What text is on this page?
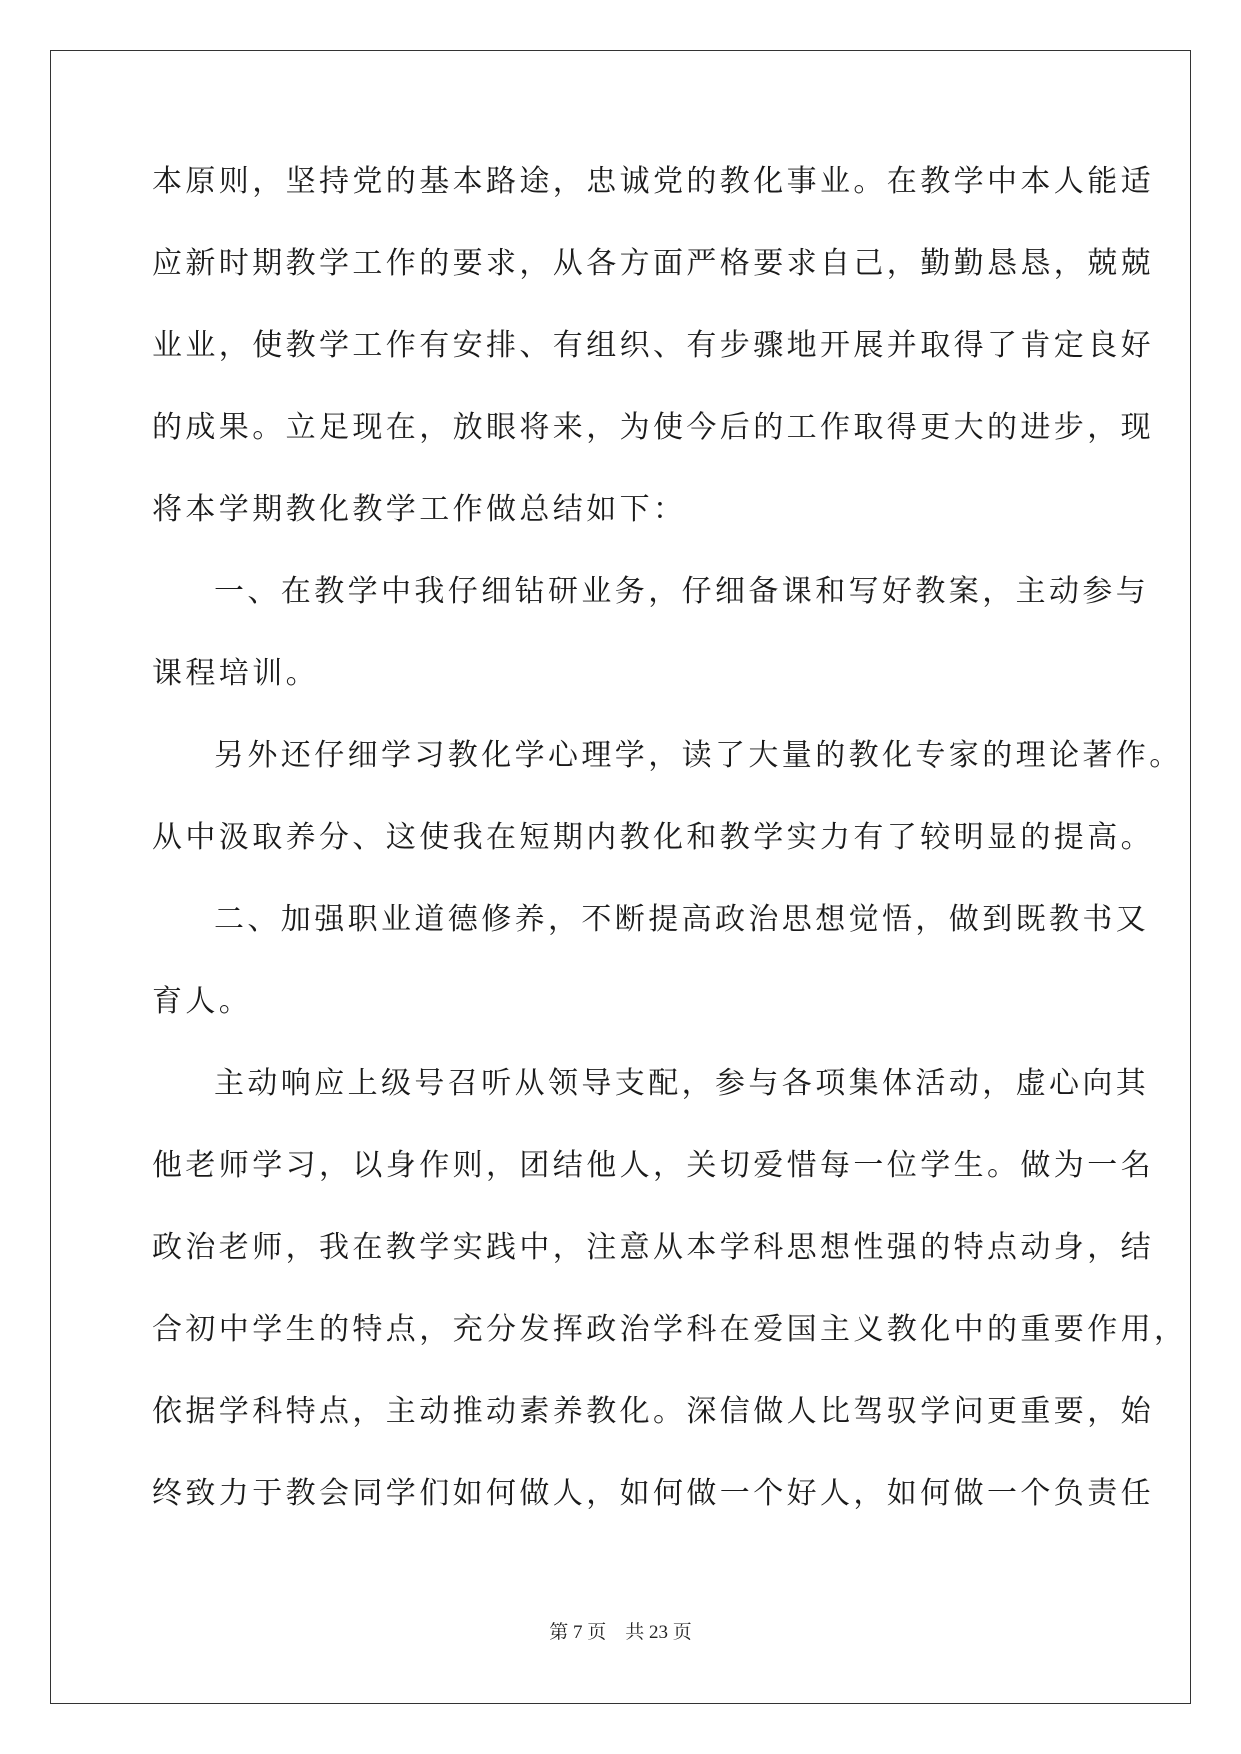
本原则，坚持党的基本路途，忠诚党的教化事业。在教学中本人能适
应新时期教学工作的要求，从各方面严格要求自己，勤勤恳恳，兢兢
业业，使教学工作有安排、有组织、有步骤地开展并取得了肯定良好
的成果。立足现在，放眼将来，为使今后的工作取得更大的进步，现
将本学期教化教学工作做总结如下：
一、在教学中我仔细钻研业务，仔细备课和写好教案，主动参与
课程培训。
另外还仔细学习教化学心理学，读了大量的教化专家的理论著作。
从中汲取养分、这使我在短期内教化和教学实力有了较明显的提高。
二、加强职业道德修养，不断提高政治思想觉悟，做到既教书又
育人。
主动响应上级号召听从领导支配，参与各项集体活动，虚心向其
他老师学习，以身作则，团结他人，关切爱惜每一位学生。做为一名
政治老师，我在教学实践中，注意从本学科思想性强的特点动身，结
合初中学生的特点，充分发挥政治学科在爱国主义教化中的重要作用，
依据学科特点，主动推动素养教化。深信做人比驾驭学问更重要，始
终致力于教会同学们如何做人，如何做一个好人，如何做一个负责任
第 7 页    共 23 页
